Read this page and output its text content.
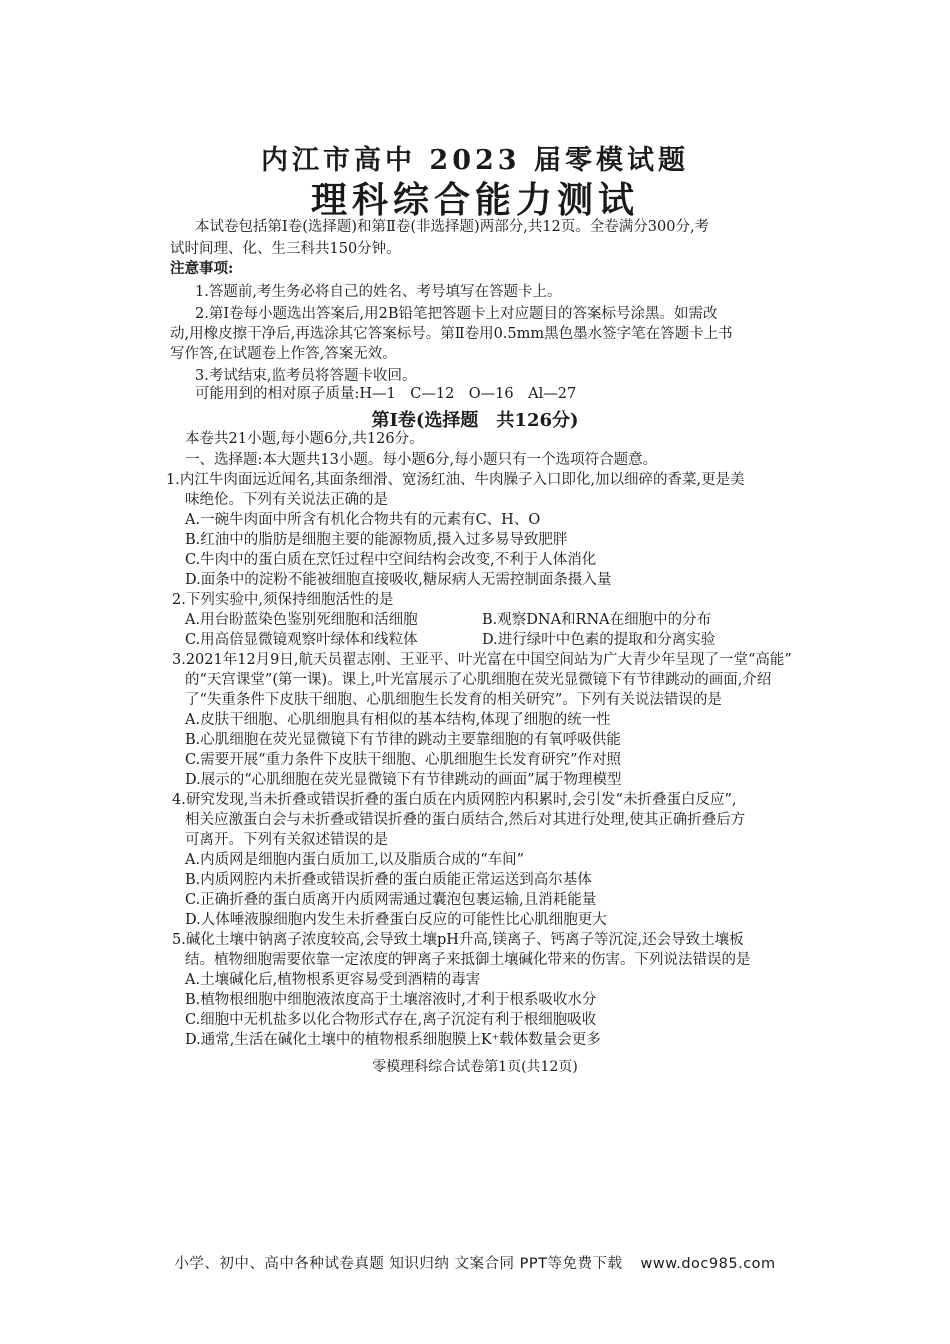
内江市高中 2023 届零模试题
理科综合能力测试
本试卷包括第Ⅰ卷(选择题)和第Ⅱ卷(非选择题)两部分,共12页。全卷满分300分,考
试时间理、化、生三科共150分钟。
注意事项:
1.答题前,考生务必将自己的姓名、考号填写在答题卡上。
2.第Ⅰ卷每小题选出答案后,用2B铅笔把答题卡上对应题目的答案标号涂黑。如需改
动,用橡皮擦干净后,再选涂其它答案标号。第Ⅱ卷用0.5mm黑色墨水签字笔在答题卡上书
写作答,在试题卷上作答,答案无效。
3.考试结束,监考员将答题卡收回。
可能用到的相对原子质量:H—1　C—12　O—16　Al—27
第Ⅰ卷(选择题　共126分)
本卷共21小题,每小题6分,共126分。
一、选择题:本大题共13小题。每小题6分,每小题只有一个选项符合题意。
1.内江牛肉面远近闻名,其面条细滑、宽汤红油、牛肉臊子入口即化,加以细碎的香菜,更是美
味绝伦。下列有关说法正确的是
A.一碗牛肉面中所含有机化合物共有的元素有C、H、O
B.红油中的脂肪是细胞主要的能源物质,摄入过多易导致肥胖
C.牛肉中的蛋白质在烹饪过程中空间结构会改变,不利于人体消化
D.面条中的淀粉不能被细胞直接吸收,糖尿病人无需控制面条摄入量
2.下列实验中,须保持细胞活性的是
A.用台盼蓝染色鉴别死细胞和活细胞	B.观察DNA和RNA在细胞中的分布
C.用高倍显微镜观察叶绿体和线粒体	D.进行绿叶中色素的提取和分离实验
3.2021年12月9日,航天员翟志刚、王亚平、叶光富在中国空间站为广大青少年呈现了一堂“高能”
的“天宫课堂”(第一课)。课上,叶光富展示了心肌细胞在荧光显微镜下有节律跳动的画面,介绍
了“失重条件下皮肤干细胞、心肌细胞生长发育的相关研究”。下列有关说法错误的是
A.皮肤干细胞、心肌细胞具有相似的基本结构,体现了细胞的统一性
B.心肌细胞在荧光显微镜下有节律的跳动主要靠细胞的有氧呼吸供能
C.需要开展“重力条件下皮肤干细胞、心肌细胞生长发育研究”作对照
D.展示的“心肌细胞在荧光显微镜下有节律跳动的画面”属于物理模型
4.研究发现,当未折叠或错误折叠的蛋白质在内质网腔内积累时,会引发“未折叠蛋白反应”,
相关应激蛋白会与未折叠或错误折叠的蛋白质结合,然后对其进行处理,使其正确折叠后方
可离开。下列有关叙述错误的是
A.内质网是细胞内蛋白质加工,以及脂质合成的“车间”
B.内质网腔内未折叠或错误折叠的蛋白质能正常运送到高尔基体
C.正确折叠的蛋白质离开内质网需通过囊泡包裹运输,且消耗能量
D.人体唾液腺细胞内发生未折叠蛋白反应的可能性比心肌细胞更大
5.碱化土壤中钠离子浓度较高,会导致土壤pH升高,镁离子、钙离子等沉淀,还会导致土壤板
结。植物细胞需要依靠一定浓度的钾离子来抵御土壤碱化带来的伤害。下列说法错误的是
A.土壤碱化后,植物根系更容易受到酒精的毒害
B.植物根细胞中细胞液浓度高于土壤溶液时,才利于根系吸收水分
C.细胞中无机盐多以化合物形式存在,离子沉淀有利于根细胞吸收
D.通常,生活在碱化土壤中的植物根系细胞膜上K⁺载体数量会更多
零模理科综合试卷第1页(共12页)
小学、初中、高中各种试卷真题 知识归纳 文案合同 PPT等免费下载 www.doc985.com
